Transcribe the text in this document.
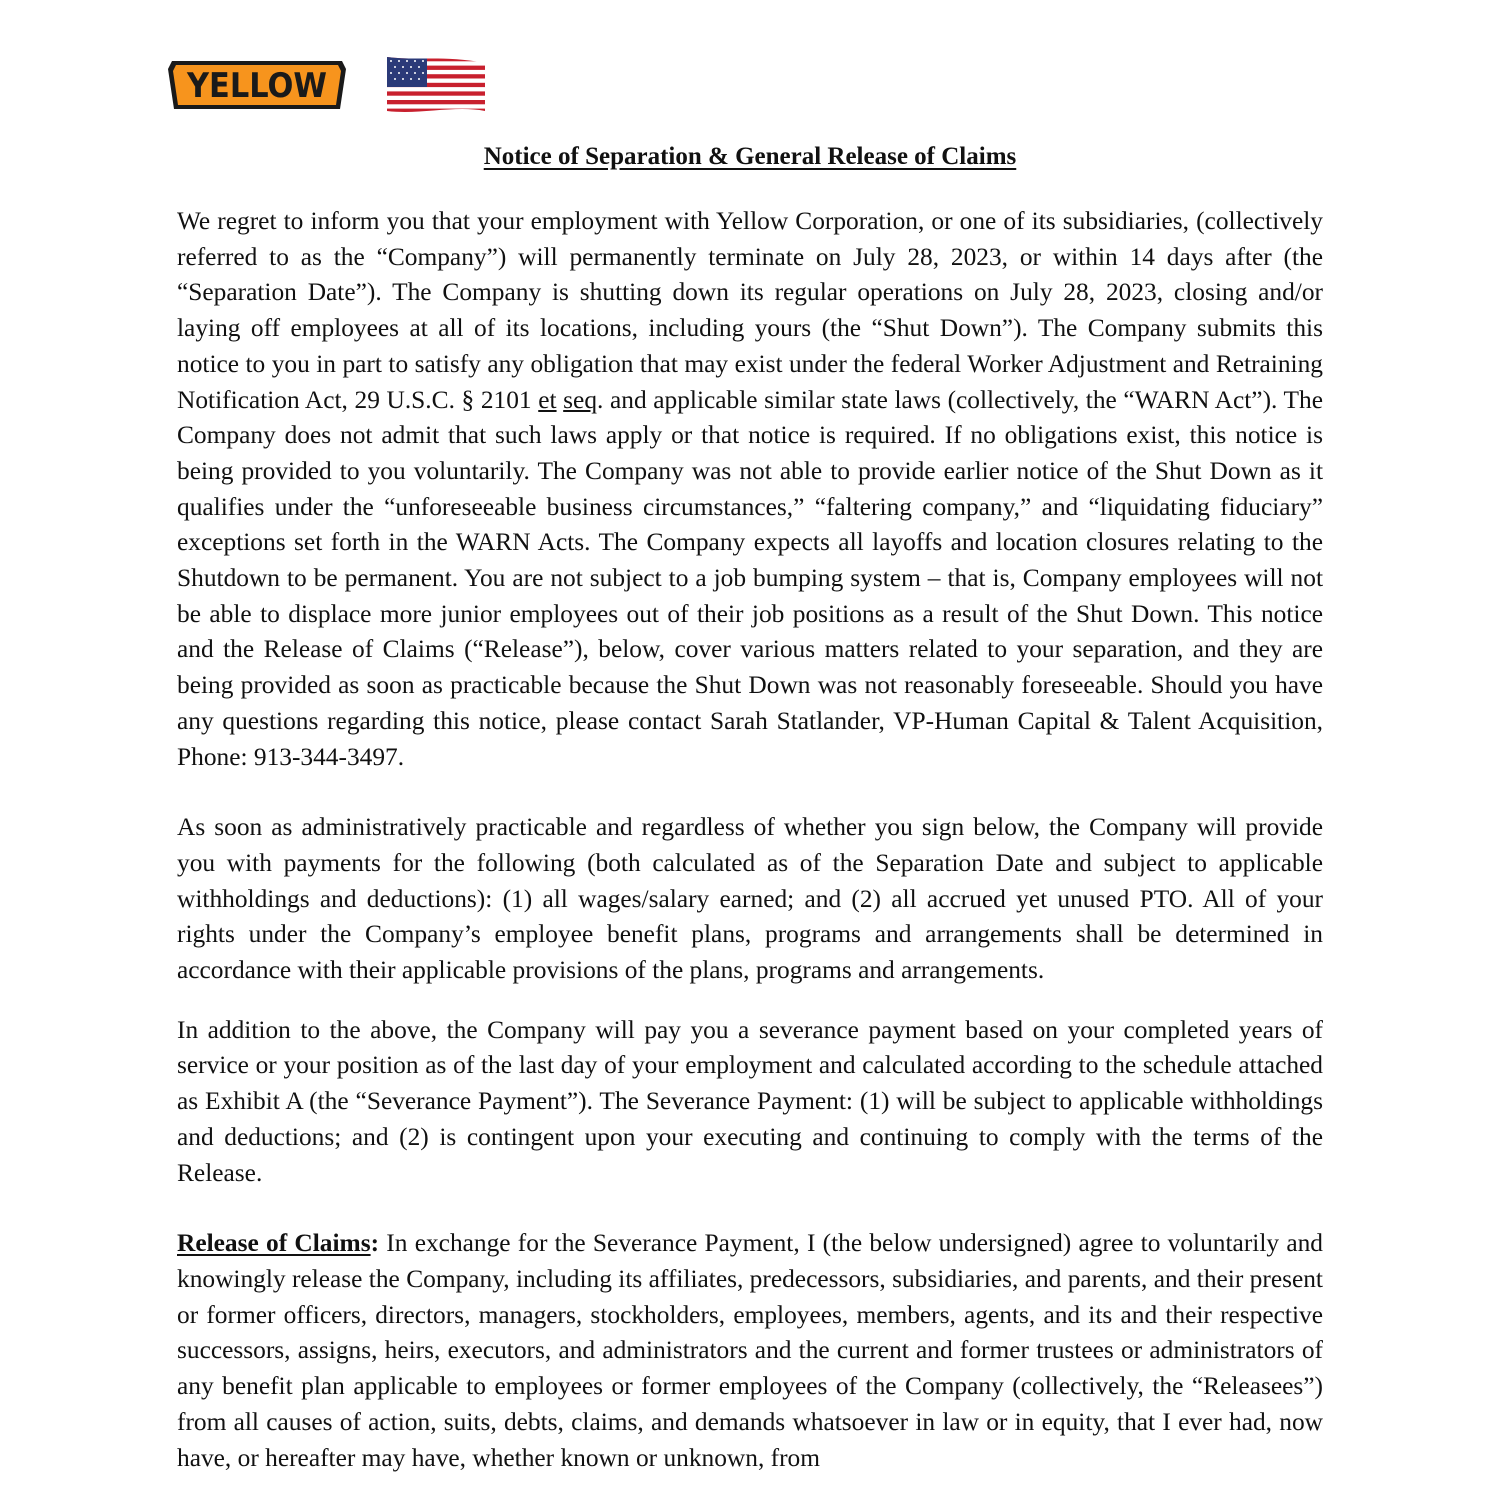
YELLOW
Notice of Separation & General Release of Claims

We regret to inform you that your employment with Yellow Corporation, or one of its subsidiaries, (collectively referred to as the “Company”) will permanently terminate on July 28, 2023, or within 14 days after (the “Separation Date”). The Company is shutting down its regular operations on July 28, 2023, closing and/or laying off employees at all of its locations, including yours (the “Shut Down”). The Company submits this notice to you in part to satisfy any obligation that may exist under the federal Worker Adjustment and Retraining Notification Act, 29 U.S.C. § 2101 et seq. and applicable similar state laws (collectively, the “WARN Act”). The Company does not admit that such laws apply or that notice is required. If no obligations exist, this notice is being provided to you voluntarily. The Company was not able to provide earlier notice of the Shut Down as it qualifies under the “unforeseeable business circumstances,” “faltering company,” and “liquidating fiduciary” exceptions set forth in the WARN Acts. The Company expects all layoffs and location closures relating to the Shutdown to be permanent. You are not subject to a job bumping system – that is, Company employees will not be able to displace more junior employees out of their job positions as a result of the Shut Down. This notice and the Release of Claims (“Release”), below, cover various matters related to your separation, and they are being provided as soon as practicable because the Shut Down was not reasonably foreseeable. Should you have any questions regarding this notice, please contact Sarah Statlander, VP-Human Capital & Talent Acquisition, Phone: 913-344-3497.

As soon as administratively practicable and regardless of whether you sign below, the Company will provide you with payments for the following (both calculated as of the Separation Date and subject to applicable withholdings and deductions): (1) all wages/salary earned; and (2) all accrued yet unused PTO. All of your rights under the Company’s employee benefit plans, programs and arrangements shall be determined in accordance with their applicable provisions of the plans, programs and arrangements.

In addition to the above, the Company will pay you a severance payment based on your completed years of service or your position as of the last day of your employment and calculated according to the schedule attached as Exhibit A (the “Severance Payment”). The Severance Payment: (1) will be subject to applicable withholdings and deductions; and (2) is contingent upon your executing and continuing to comply with the terms of the Release.

Release of Claims: In exchange for the Severance Payment, I (the below undersigned) agree to voluntarily and knowingly release the Company, including its affiliates, predecessors, subsidiaries, and parents, and their present or former officers, directors, managers, stockholders, employees, members, agents, and its and their respective successors, assigns, heirs, executors, and administrators and the current and former trustees or administrators of any benefit plan applicable to employees or former employees of the Company (collectively, the “Releasees”) from all causes of action, suits, debts, claims, and demands whatsoever in law or in equity, that I ever had, now have, or hereafter may have, whether known or unknown, from
